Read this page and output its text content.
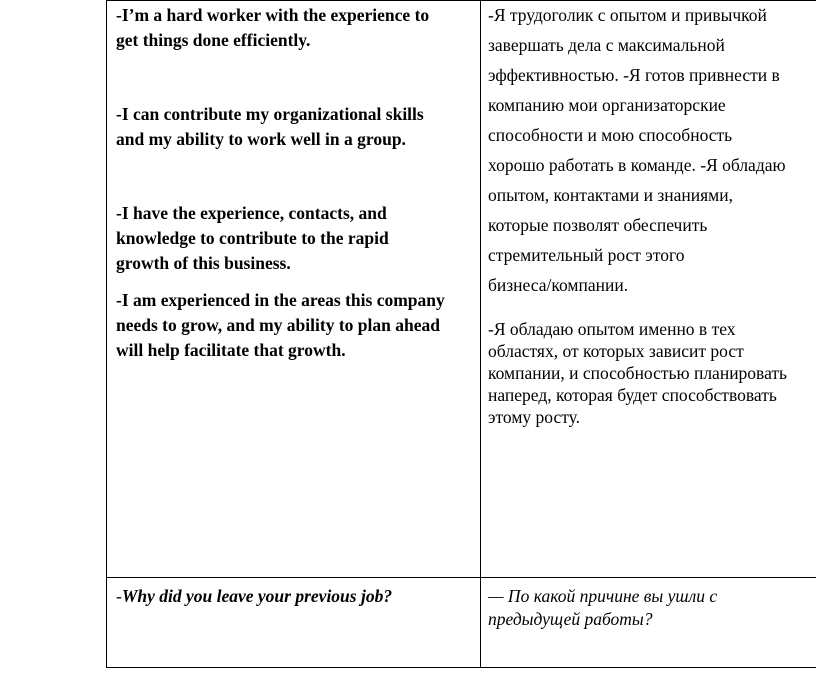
-I’m a hard worker with the experience to
get things done efficiently.
-I can contribute my organizational skills
and my ability to work well in a group.
-I have the experience, contacts, and
knowledge to contribute to the rapid
growth of this business.
-I am experienced in the areas this company
needs to grow, and my ability to plan ahead
will help facilitate that growth.
-Я трудоголик с опытом и привычкой
завершать дела с максимальной
эффективностью. -Я готов привнести в
компанию мои организаторские
способности и мою способность
хорошо работать в команде. -Я обладаю
опытом, контактами и знаниями,
которые позволят обеспечить
стремительный рост этого
бизнеса/компании.
-Я обладаю опытом именно в тех
областях, от которых зависит рост
компании, и способностью планировать
наперед, которая будет способствовать
этому росту.
-Why did you leave your previous job?	— По какой причине вы ушли с
предыдущей работы?
